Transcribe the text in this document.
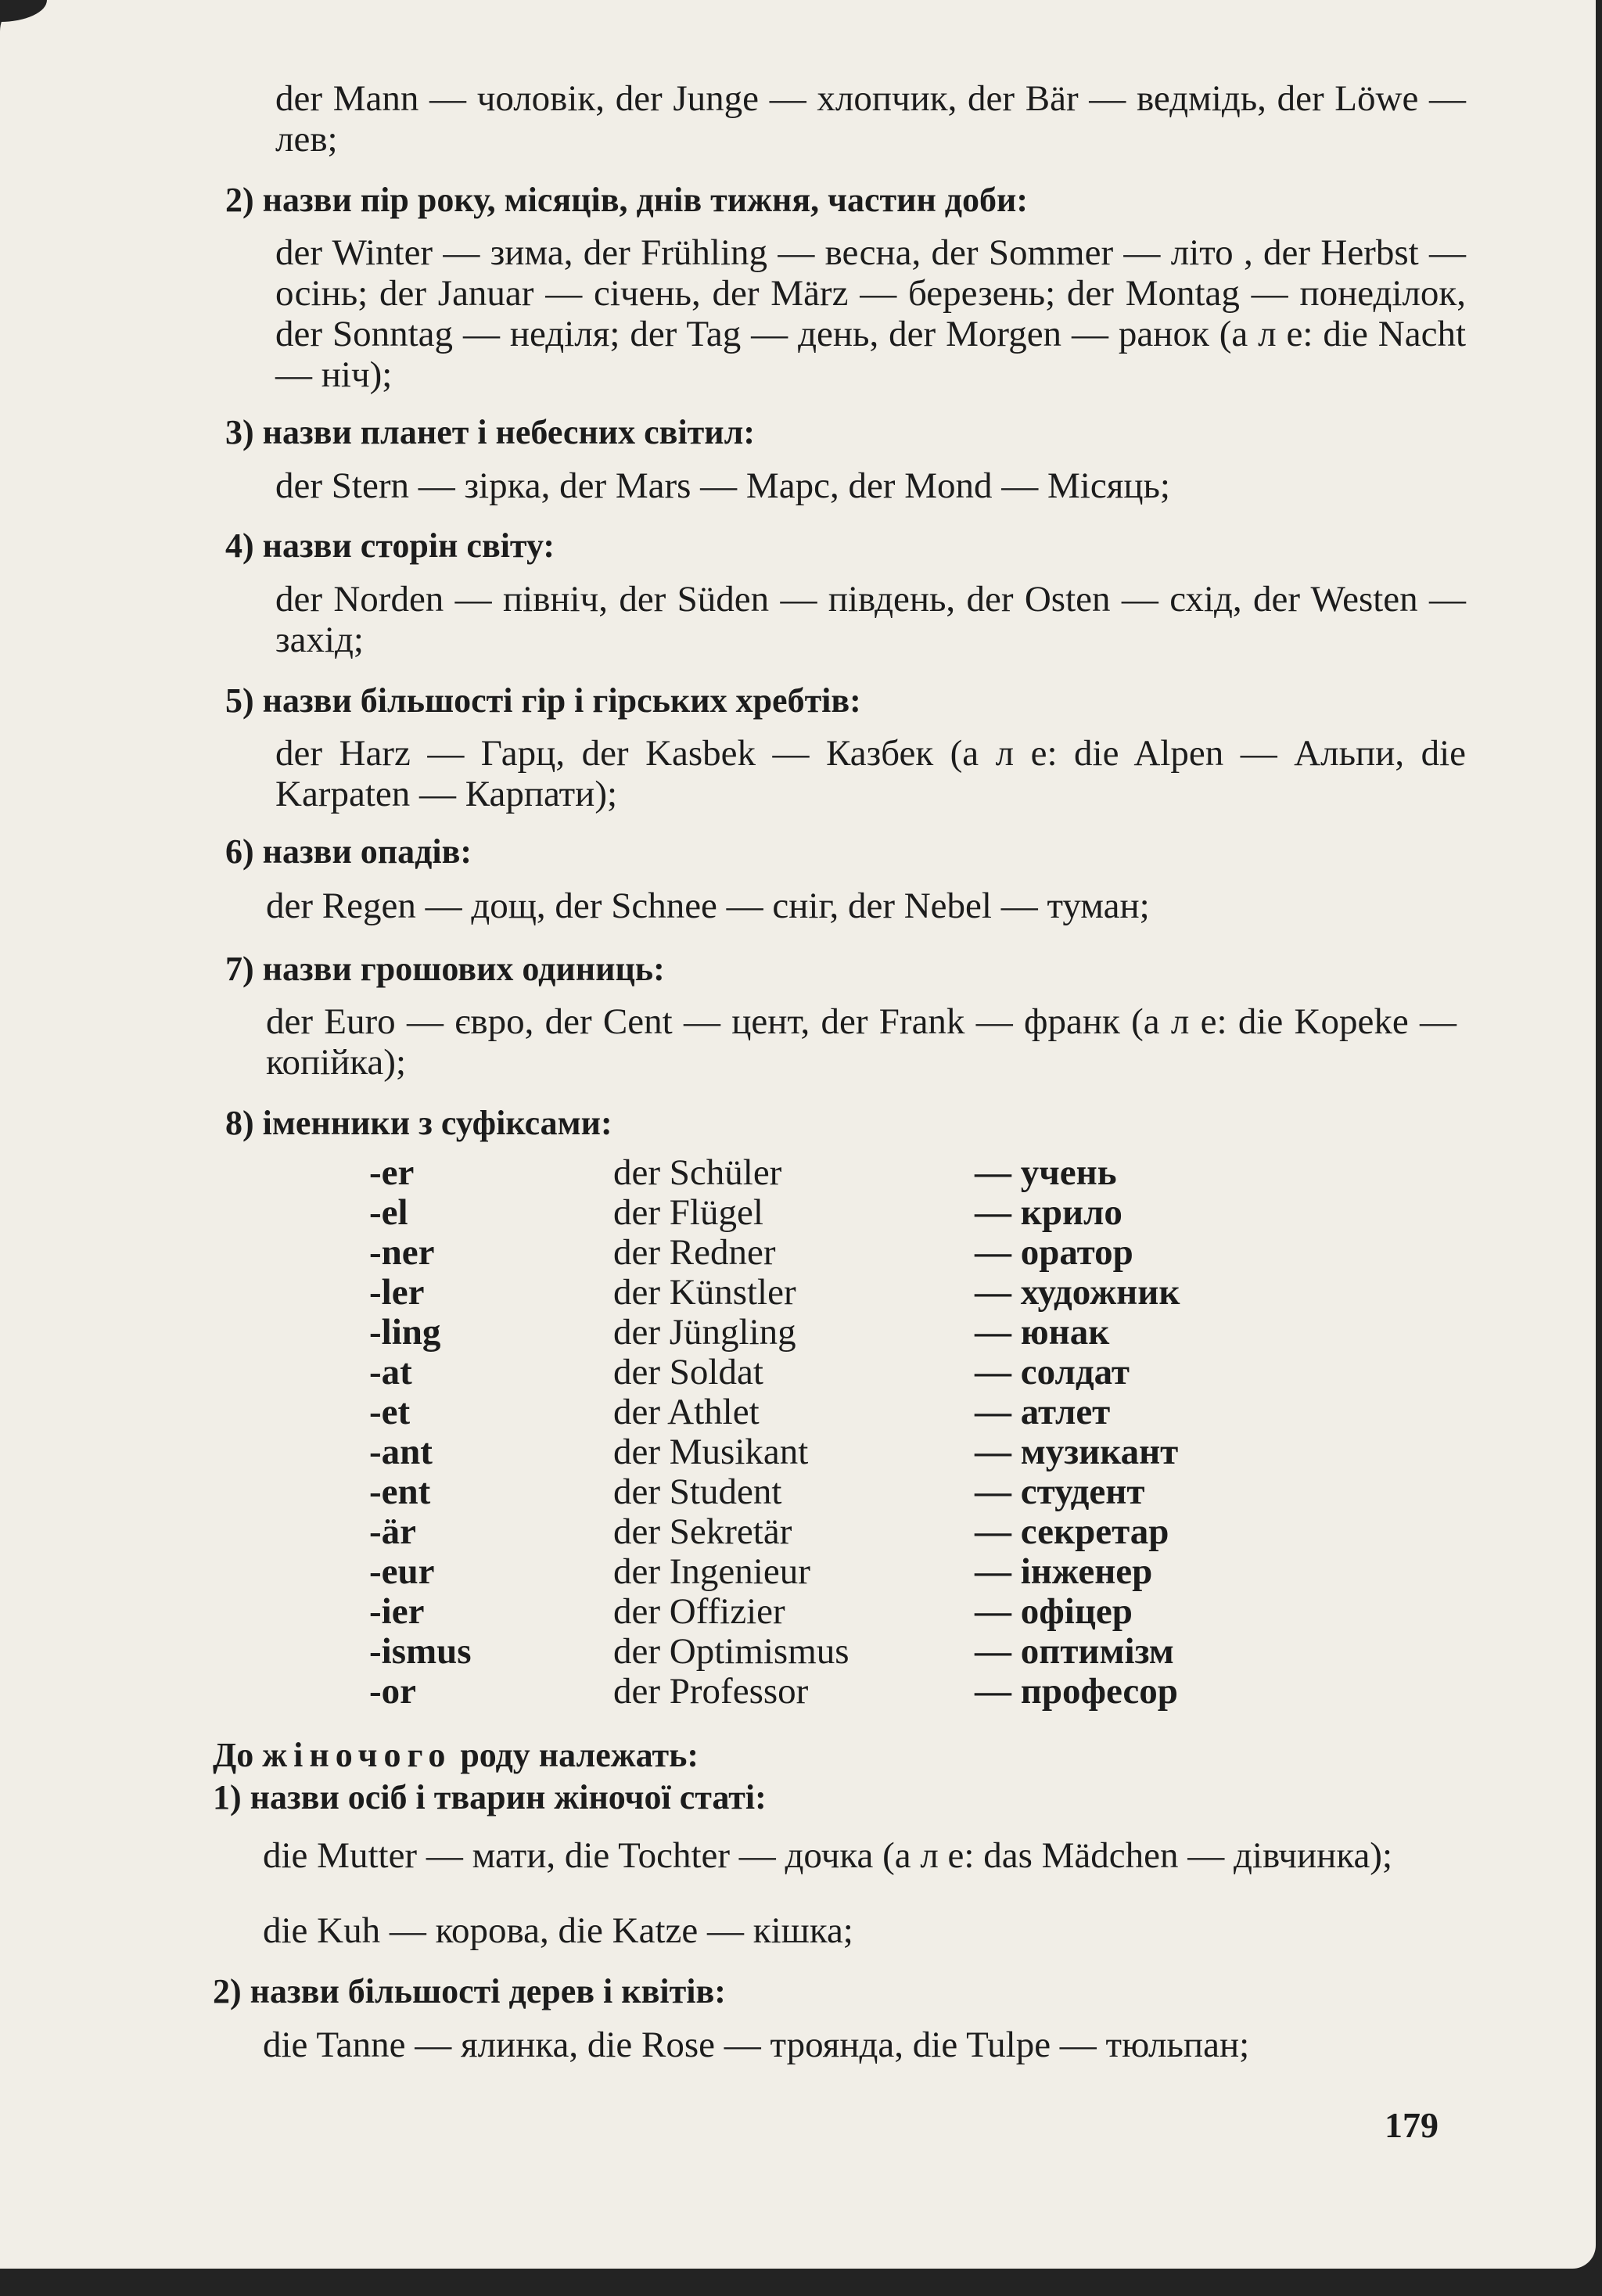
der Mann — чоловік, der Junge — хлопчик, der Bär — ведмідь, der Löwe — лев;

2) назви пір року, місяців, днів тижня, частин доби:

der Winter — зима, der Frühling — весна, der Sommer — літо , der Herbst — осінь; der Januar — січень, der März — березень; der Montag — понеділок, der Sonntag — неділя; der Tag — день, der Morgen — ранок (а л е: die Nacht — ніч);

3) назви планет і небесних світил:

der Stern — зірка, der Mars — Марс, der Mond — Місяць;

4) назви сторін світу:

der Norden — північ, der Süden — південь, der Osten — схід, der Westen — захід;

5) назви більшості гір і гірських хребтів:

der Harz — Гарц, der Kasbek — Казбек (а л е: die Alpen — Альпи, die Karpaten — Карпати);

6) назви опадів:

der Regen — дощ, der Schnee — сніг, der Nebel — туман;

7) назви грошових одиниць:

der Euro — євро, der Cent — цент, der Frank — франк (а л е: die Kopeke — копійка);

8) іменники з суфіксами:

-er	der Schüler	— учень
-el	der Flügel	— крило
-ner	der Redner	— оратор
-ler	der Künstler	— художник
-ling	der Jüngling	— юнак
-at	der Soldat	— солдат
-et	der Athlet	— атлет
-ant	der Musikant	— музикант
-ent	der Student	— студент
-är	der Sekretär	— секретар
-eur	der Ingenieur	— інженер
-ier	der Offizier	— офіцер
-ismus	der Optimismus	— оптимізм
-or	der Professor	— професор

До жіночого роду належать:

1) назви осіб і тварин жіночої статі:

die Mutter — мати, die Tochter — дочка (а л е: das Mädchen — дівчинка);

die Kuh — корова, die Katze — кішка;

2) назви більшості дерев і квітів:

die Tanne — ялинка, die Rose — троянда, die Tulpe — тюльпан;

179
